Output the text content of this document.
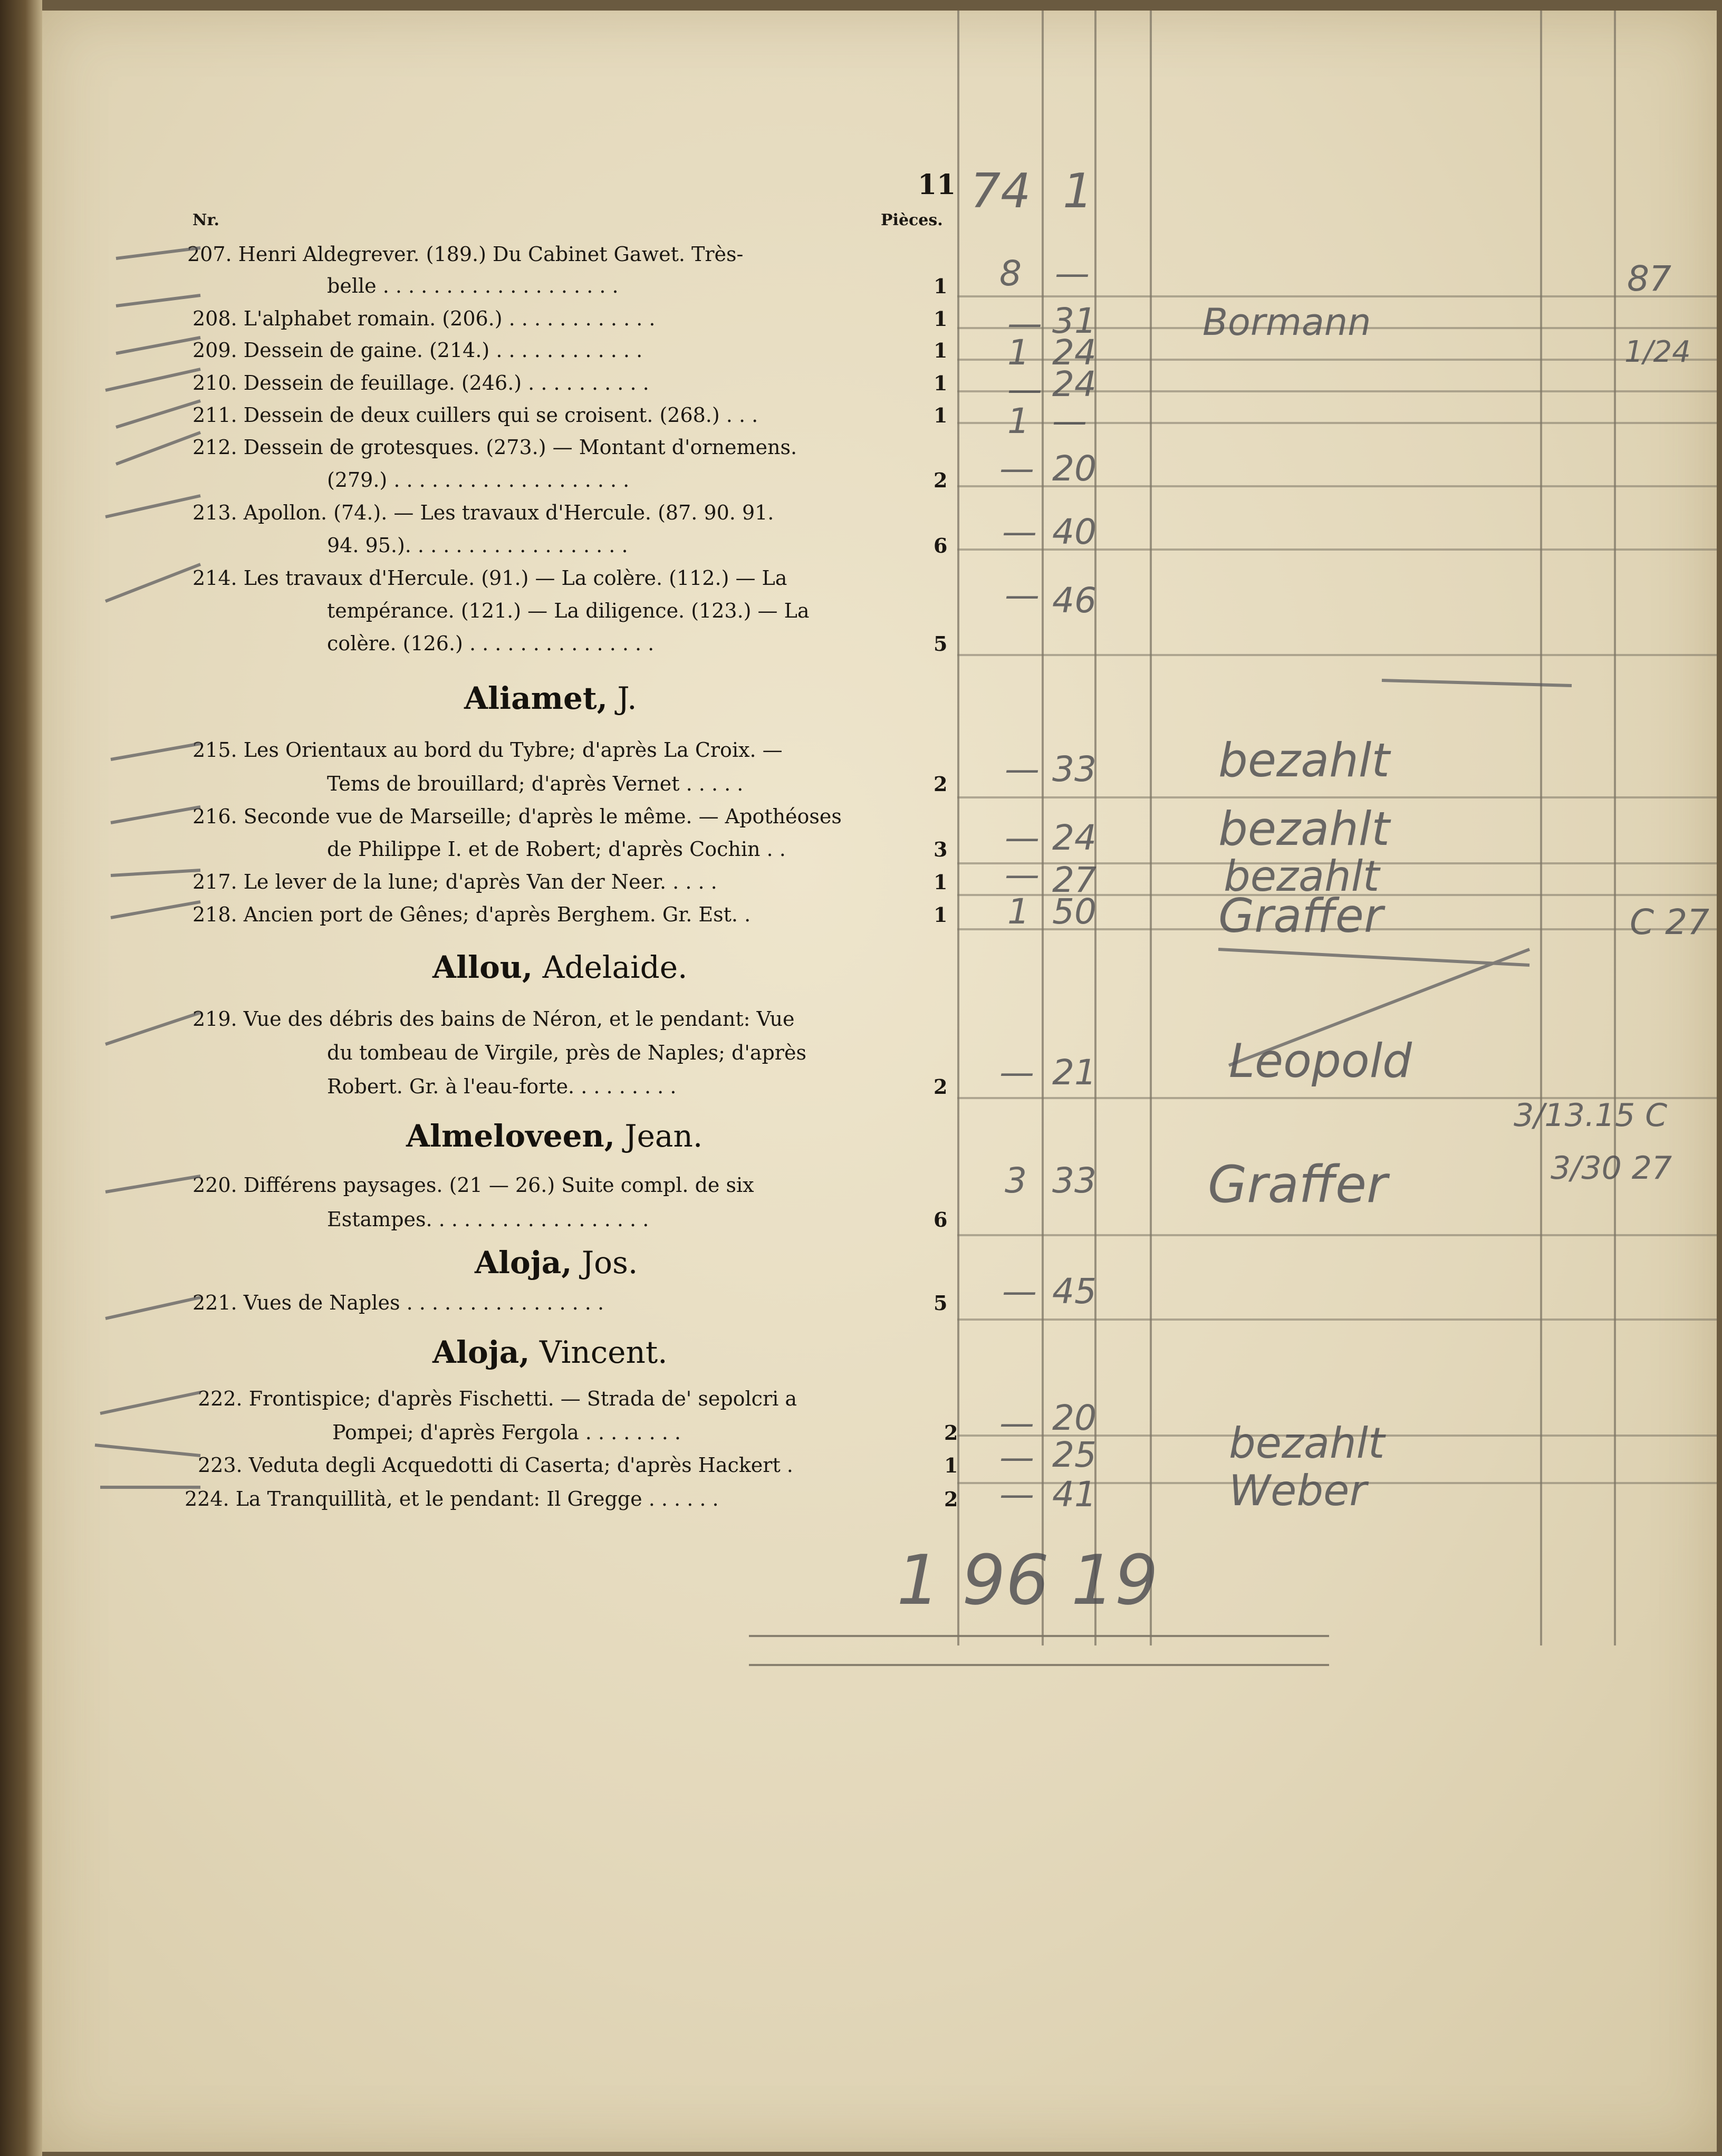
11
Nr.	Pièces.
74 1
207. Henri Aldegrever. (189.) Du Cabinet Gawet. Très-
belle . . . . . . . . . . . . . . . . . . .
208. L'alphabet romain. (206.) . . . . . . . . . . . .
209. Dessein de gaine. (214.) . . . . . . . . . . . .
210. Dessein de feuillage. (246.) . . . . . . . . . .
211. Dessein de deux cuillers qui se croisent. (268.) . . .
212. Dessein de grotesques. (273.) — Montant d'ornemens.
(279.) . . . . . . . . . . . . . . . . . . .
213. Apollon. (74.). — Les travaux d'Hercule. (87. 90. 91.
94. 95.). . . . . . . . . . . . . . . . . .
214. Les travaux d'Hercule. (91.) — La colère. (112.) — La
tempérance. (121.) — La diligence. (123.) — La
colère. (126.) . . . . . . . . . . . . . . .
Aliamet, J.
215. Les Orientaux au bord du Tybre; d'après La Croix. —
Tems de brouillard; d'après Vernet . . . . .
216. Seconde vue de Marseille; d'après le même. — Apothéoses
de Philippe I. et de Robert; d'après Cochin . .
217. Le lever de la lune; d'après Van der Neer. . . . .
218. Ancien port de Gênes; d'après Berghem. Gr. Est. .
Allou, Adelaide.
219. Vue des débris des bains de Néron, et le pendant: Vue
du tombeau de Virgile, près de Naples; d'après
Robert. Gr. à l'eau-forte. . . . . . . . .
Almeloveen, Jean.
220. Différens paysages. (21 — 26.) Suite compl. de six
Estampes. . . . . . . . . . . . . . . . . .
Aloja, Jos.
221. Vues de Naples . . . . . . . . . . . . . . . .
Aloja, Vincent.
222. Frontispice; d'après Fischetti. — Strada de' sepolcri a
Pompei; d'après Fergola . . . . . . . .
223. Veduta degli Acquedotti di Caserta; d'après Hackert .
224. La Tranquillità, et le pendant: Il Gregge . . . . . .
1
1
1
1
1
2
6
5
2
3
1
1
2
6
5
2
1
2
8 —
1
1
1
3
31
24
24
20
40
46
33
24
27
50
21
33
45
20
25
41
—
—
—
—
—
—
—
—
—
—
—
—
—
—
Bormann
bezahlt
bezahlt
bezahlt
Graffer
Leopold
Graffer
bezahlt
Weber
87
1/24
C 27
3/13.15 C
3/30 27
1 96 19
